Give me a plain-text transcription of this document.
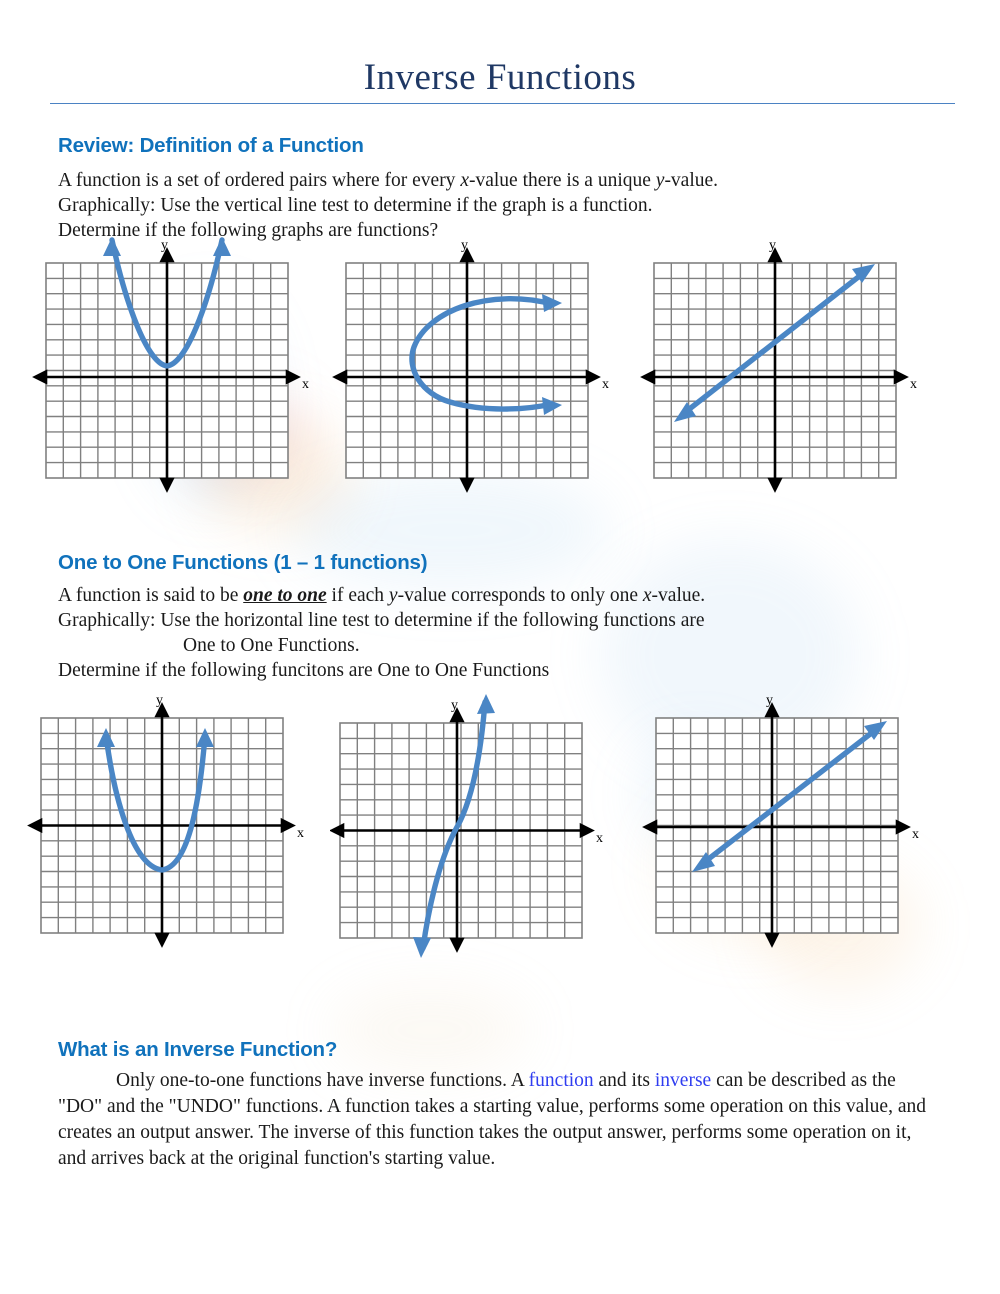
Inverse Functions
Review: Definition of a Function
A function is a set of ordered pairs where for every x-value there is a unique y-value.
Graphically: Use the vertical line test to determine if the graph is a function.
Determine if the following graphs are functions?
x
y
x
y
x
y
One to One Functions (1 – 1 functions)
A function is said to be one to one if each y-value corresponds to only one x-value.
Graphically: Use the horizontal line test to determine if the following functions are
One to One Functions.
Determine if the following funcitons are One to One Functions
x
y
x
y
x
y
What is an Inverse Function?
Only one-to-one functions have inverse functions. A function and its inverse can be described as the "DO" and the "UNDO" functions. A function takes a starting value, performs some operation on this value, and creates an output answer. The inverse of this function takes the output answer, performs some operation on it, and arrives back at the original function's starting value.
